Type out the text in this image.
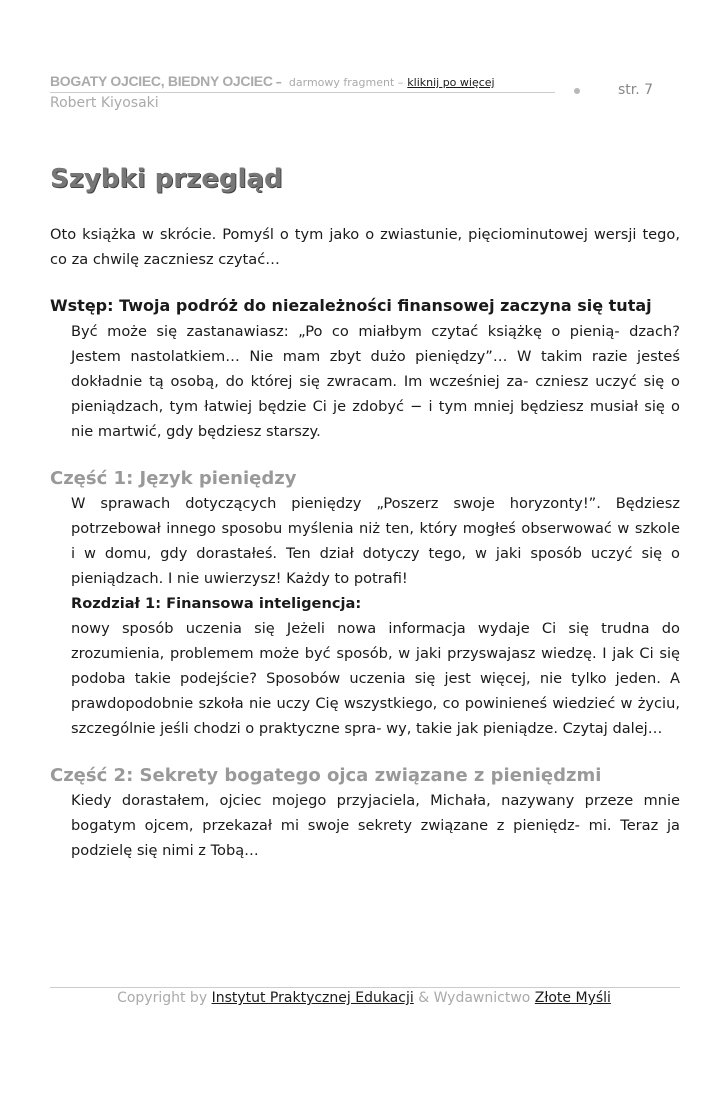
BOGATY OJCIEC, BIEDNY OJCIEC – darmowy fragment – kliknij po więcej
Robert Kiyosaki
str. 7
Szybki przegląd

Oto książka w skrócie. Pomyśl o tym jako o zwiastunie, pięciominutowej wersji tego, co za chwilę zaczniesz czytać…

Wstęp: Twoja podróż do niezależności finansowej zaczyna się tutaj

Być może się zastanawiasz: „Po co miałbym czytać książkę o pienią- dzach? Jestem nastolatkiem… Nie mam zbyt dużo pieniędzy”… W takim razie jesteś dokładnie tą osobą, do której się zwracam. Im wcześniej za- czniesz uczyć się o pieniądzach, tym łatwiej będzie Ci je zdobyć − i tym mniej będziesz musiał się o nie martwić, gdy będziesz starszy.

Część 1: Język pieniędzy

W sprawach dotyczących pieniędzy „Poszerz swoje horyzonty!”. Będziesz potrzebował innego sposobu myślenia niż ten, który mogłeś obserwować w szkole i w domu, gdy dorastałeś. Ten dział dotyczy tego, w jaki sposób uczyć się o pieniądzach. I nie uwierzysz! Każdy to potrafi!

Rozdział 1: Finansowa inteligencja:

nowy sposób uczenia się Jeżeli nowa informacja wydaje Ci się trudna do zrozumienia, problemem może być sposób, w jaki przyswajasz wiedzę. I jak Ci się podoba takie podejście? Sposobów uczenia się jest więcej, nie tylko jeden. A prawdopodobnie szkoła nie uczy Cię wszystkiego, co powinieneś wiedzieć w życiu, szczególnie jeśli chodzi o praktyczne spra- wy, takie jak pieniądze. Czytaj dalej…

Część 2: Sekrety bogatego ojca związane z pieniędzmi

Kiedy dorastałem, ojciec mojego przyjaciela, Michała, nazywany przeze mnie bogatym ojcem, przekazał mi swoje sekrety związane z pieniędz- mi. Teraz ja podzielę się nimi z Tobą…

Copyright by Instytut Praktycznej Edukacji & Wydawnictwo Złote Myśli
